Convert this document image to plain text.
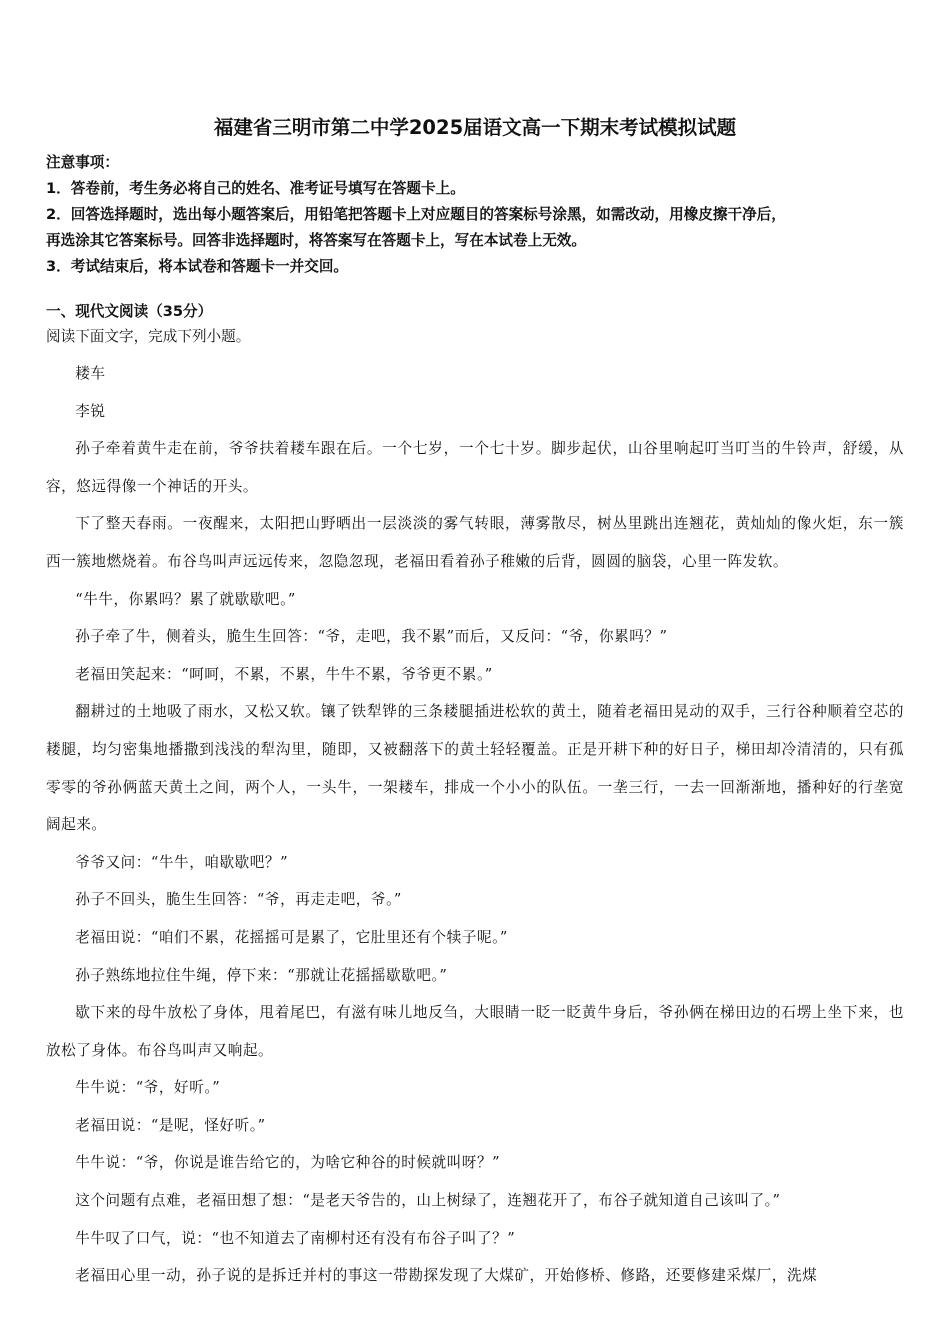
福建省三明市第二中学2025届语文高一下期末考试模拟试题
注意事项：
1．答卷前，考生务必将自己的姓名、准考证号填写在答题卡上。
2．回答选择题时，选出每小题答案后，用铅笔把答题卡上对应题目的答案标号涂黑，如需改动，用橡皮擦干净后，
再选涂其它答案标号。回答非选择题时，将答案写在答题卡上，写在本试卷上无效。
3．考试结束后，将本试卷和答题卡一并交回。
一、现代文阅读（35分）
阅读下面文字，完成下列小题。

耧车

李锐

孙子牵着黄牛走在前，爷爷扶着耧车跟在后。一个七岁，一个七十岁。脚步起伏，山谷里响起叮当叮当的牛铃声，舒缓，从容，悠远得像一个神话的开头。

下了整天春雨。一夜醒来，太阳把山野晒出一层淡淡的雾气转眼，薄雾散尽，树丛里跳出连翘花，黄灿灿的像火炬，东一簇西一簇地燃烧着。布谷鸟叫声远远传来，忽隐忽现，老福田看着孙子稚嫩的后背，圆圆的脑袋，心里一阵发软。

“牛牛，你累吗？累了就歇歇吧。”

孙子牵了牛，侧着头，脆生生回答：“爷，走吧，我不累”而后，又反问：“爷，你累吗？”

老福田笑起来：“呵呵，不累，不累，牛牛不累，爷爷更不累。”

翻耕过的土地吸了雨水，又松又软。镶了铁犁铧的三条耧腿插进松软的黄土，随着老福田晃动的双手，三行谷种顺着空芯的耧腿，均匀密集地播撒到浅浅的犁沟里，随即，又被翻落下的黄土轻轻覆盖。正是开耕下种的好日子，梯田却冷清清的，只有孤零零的爷孙俩蓝天黄土之间，两个人，一头牛，一架耧车，排成一个小小的队伍。一垄三行，一去一回渐渐地，播种好的行垄宽阔起来。

爷爷又问：“牛牛，咱歇歇吧？”

孙子不回头，脆生生回答：“爷，再走走吧，爷。”

老福田说：“咱们不累，花摇摇可是累了，它肚里还有个犊子呢。”

孙子熟练地拉住牛绳，停下来：“那就让花摇摇歇歇吧。”

歇下来的母牛放松了身体，甩着尾巴，有滋有味儿地反刍，大眼睛一眨一眨黄牛身后，爷孙俩在梯田边的石塄上坐下来，也放松了身体。布谷鸟叫声又响起。

牛牛说：“爷，好听。”

老福田说：“是呢，怪好听。”

牛牛说：“爷，你说是谁告给它的，为啥它种谷的时候就叫呀？”

这个问题有点难，老福田想了想：“是老天爷告的，山上树绿了，连翘花开了，布谷子就知道自己该叫了。”

牛牛叹了口气，说：“也不知道去了南柳村还有没有布谷子叫了？”

老福田心里一动，孙子说的是拆迁并村的事这一带勘探发现了大煤矿，开始修桥、修路，还要修建采煤厂，洗煤
